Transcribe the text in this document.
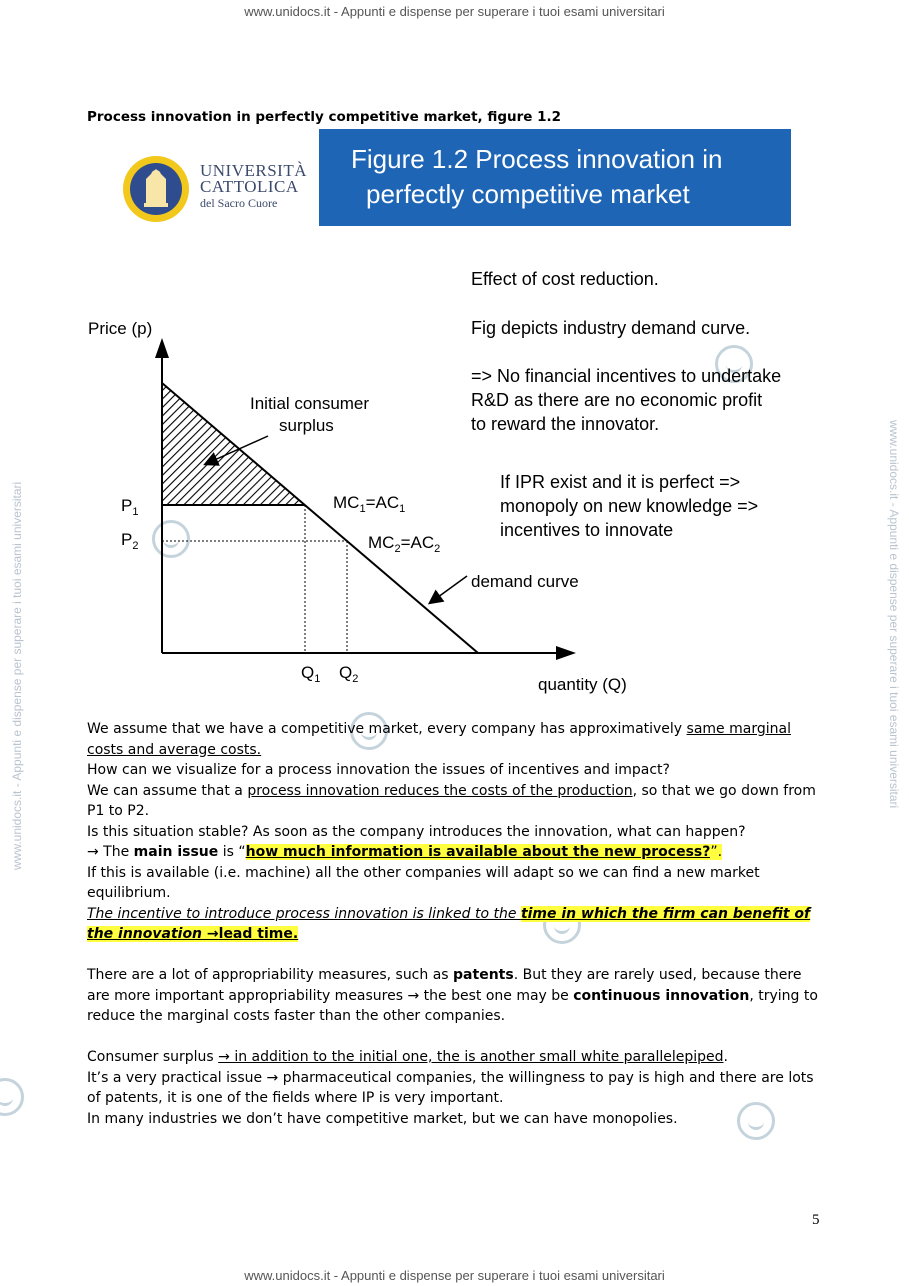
www.unidocs.it - Appunti e dispense per superare i tuoi esami universitari
www.unidocs.it - Appunti e dispense per superare i tuoi esami universitari
www.unidocs.it - Appunti e dispense per superare i tuoi esami universitari	www.unidocs.it - Appunti e dispense per superare i tuoi esami universitari
Process innovation in perfectly competitive market, figure 1.2
UNIVERSITÀ
CATTOLICA
del Sacro Cuore
Figure 1.2 Process innovation in
perfectly competitive market
Price (p)
quantity (Q)
$P_1$
$P_2$
$Q_1$ $Q_2$
$MC_1=AC_1$
$MC_2=AC_2$
Initial consumer
surplus
demand curve
Effect of cost reduction.
Fig depicts industry demand curve.
=> No financial incentives to undertake
R&D as there are no economic profit
to reward the innovator.
If IPR exist and it is perfect =>
monopoly on new knowledge =>
incentives to innovate

We assume that we have a competitive market, every company has approximatively same marginal costs and average costs.

How can we visualize for a process innovation the issues of incentives and impact?

We can assume that a process innovation reduces the costs of the production, so that we go down from P1 to P2.

Is this situation stable? As soon as the company introduces the innovation, what can happen?

→ The main issue is “how much information is available about the new process?”.

If this is available (i.e. machine) all the other companies will adapt so we can find a new market equilibrium.

The incentive to introduce process innovation is linked to the time in which the firm can benefit of the innovation →lead time.

There are a lot of appropriability measures, such as patents. But they are rarely used, because there are more important appropriability measures → the best one may be continuous innovation, trying to reduce the marginal costs faster than the other companies.

Consumer surplus → in addition to the initial one, the is another small white parallelepiped.

It’s a very practical issue → pharmaceutical companies, the willingness to pay is high and there are lots of patents, it is one of the fields where IP is very important.

In many industries we don’t have competitive market, but we can have monopolies.

5
